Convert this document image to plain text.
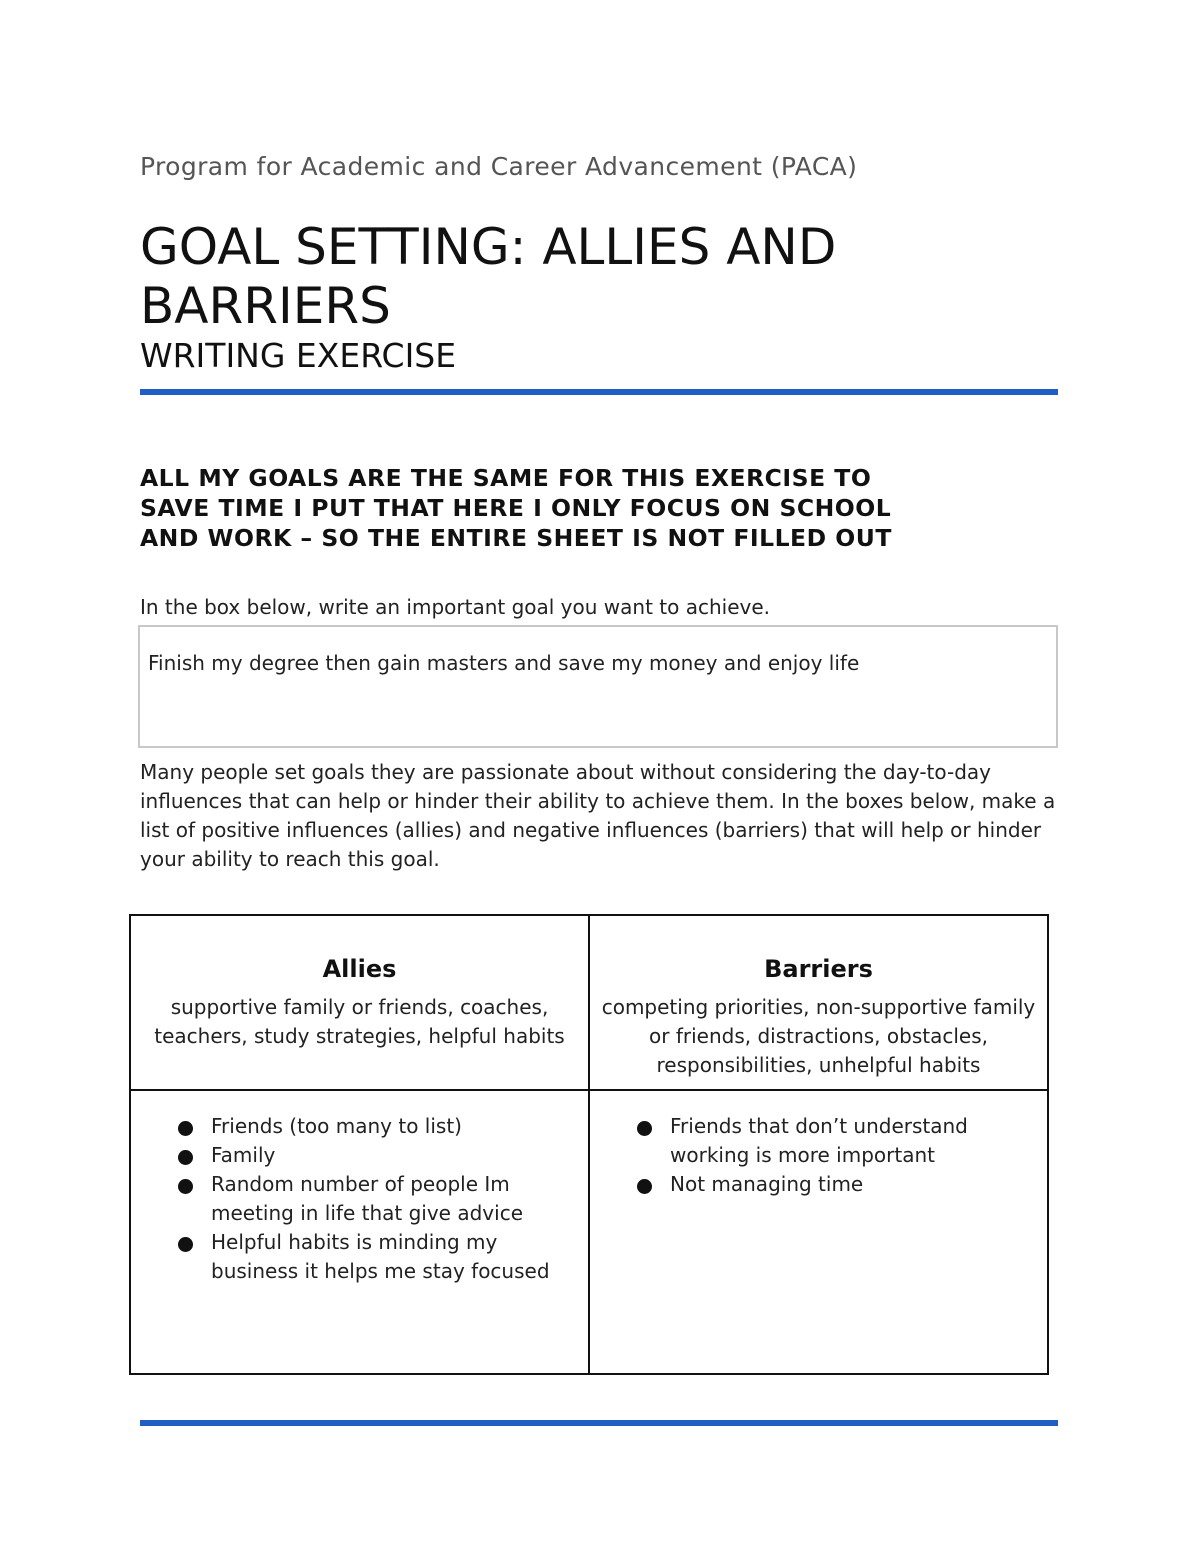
Program for Academic and Career Advancement (PACA)
GOAL SETTING: ALLIES AND BARRIERS
WRITING EXERCISE
ALL MY GOALS ARE THE SAME FOR THIS EXERCISE TO SAVE TIME I PUT THAT HERE I ONLY FOCUS ON SCHOOL AND WORK – SO THE ENTIRE SHEET IS NOT FILLED OUT
In the box below, write an important goal you want to achieve.
Finish my degree then gain masters and save my money and enjoy life
Many people set goals they are passionate about without considering the day-to-day influences that can help or hinder their ability to achieve them. In the boxes below, make a list of positive influences (allies) and negative influences (barriers) that will help or hinder your ability to reach this goal.
Allies
supportive family or friends, coaches, teachers, study strategies, helpful habits
Barriers
competing priorities, non-supportive family or friends, distractions, obstacles, responsibilities, unhelpful habits
Friends (too many to list)
Family
Random number of people Im meeting in life that give advice
Helpful habits is minding my business it helps me stay focused
Friends that don’t understand working is more important
Not managing time
